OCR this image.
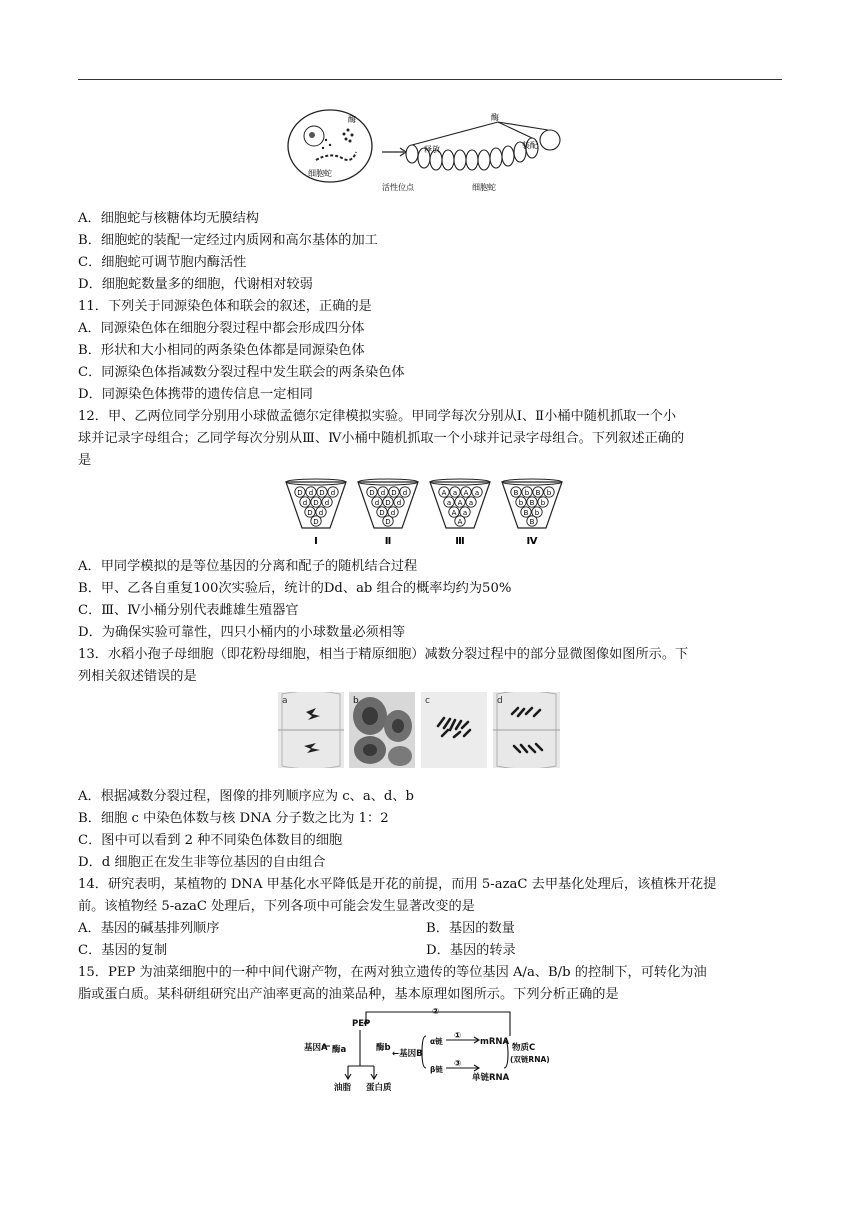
酶
细胞蛇
酶
释放	装配
活性位点	细胞蛇
A．细胞蛇与核糖体均无膜结构
B．细胞蛇的装配一定经过内质网和高尔基体的加工
C．细胞蛇可调节胞内酶活性
D．细胞蛇数量多的细胞，代谢相对较弱
11．下列关于同源染色体和联会的叙述，正确的是
A．同源染色体在细胞分裂过程中都会形成四分体
B．形状和大小相同的两条染色体都是同源染色体
C．同源染色体指减数分裂过程中发生联会的两条染色体
D．同源染色体携带的遗传信息一定相同
12．甲、乙两位同学分别用小球做孟德尔定律模拟实验。甲同学每次分别从Ⅰ、Ⅱ小桶中随机抓取一个小
球并记录字母组合；乙同学每次分别从Ⅲ、Ⅳ小桶中随机抓取一个小球并记录字母组合。下列叙述正确的
是
D d D d
d D d
D d
D
Ⅰ
D d D d
d D d
D d
D
Ⅱ
A a A a
a A a
A a
A
Ⅲ
B b B b
b B b
B b
B
Ⅳ
A．甲同学模拟的是等位基因的分离和配子的随机结合过程
B．甲、乙各自重复100次实验后，统计的Dd、ab 组合的概率均约为50%
C．Ⅲ、Ⅳ小桶分别代表雌雄生殖器官
D．为确保实验可靠性，四只小桶内的小球数量必须相等
13．水稻小孢子母细胞（即花粉母细胞，相当于精原细胞）减数分裂过程中的部分显微图像如图所示。下
列相关叙述错误的是
a	b	c	d
A．根据减数分裂过程，图像的排列顺序应为 c、a、d、b
B．细胞 c 中染色体数与核 DNA 分子数之比为 1：2
C．图中可以看到 2 种不同染色体数目的细胞
D．d 细胞正在发生非等位基因的自由组合
14．研究表明，某植物的 DNA 甲基化水平降低是开花的前提，而用 5-azaC 去甲基化处理后，该植株开花提
前。该植物经 5-azaC 处理后，下列各项中可能会发生显著改变的是
A．基因的碱基排列顺序	B．基因的数量
C．基因的复制	D．基因的转录
15．PEP 为油菜细胞中的一种中间代谢产物，在两对独立遗传的等位基因 A/a、B/b 的控制下，可转化为油
脂或蛋白质。某科研组研究出产油率更高的油菜品种，基本原理如图所示。下列分析正确的是
PEP
基因A 酶a
油脂 蛋白质
酶b
←基因B
α链
β链
②
①
③
mRNA
单链RNA
物质C
(双链RNA)
